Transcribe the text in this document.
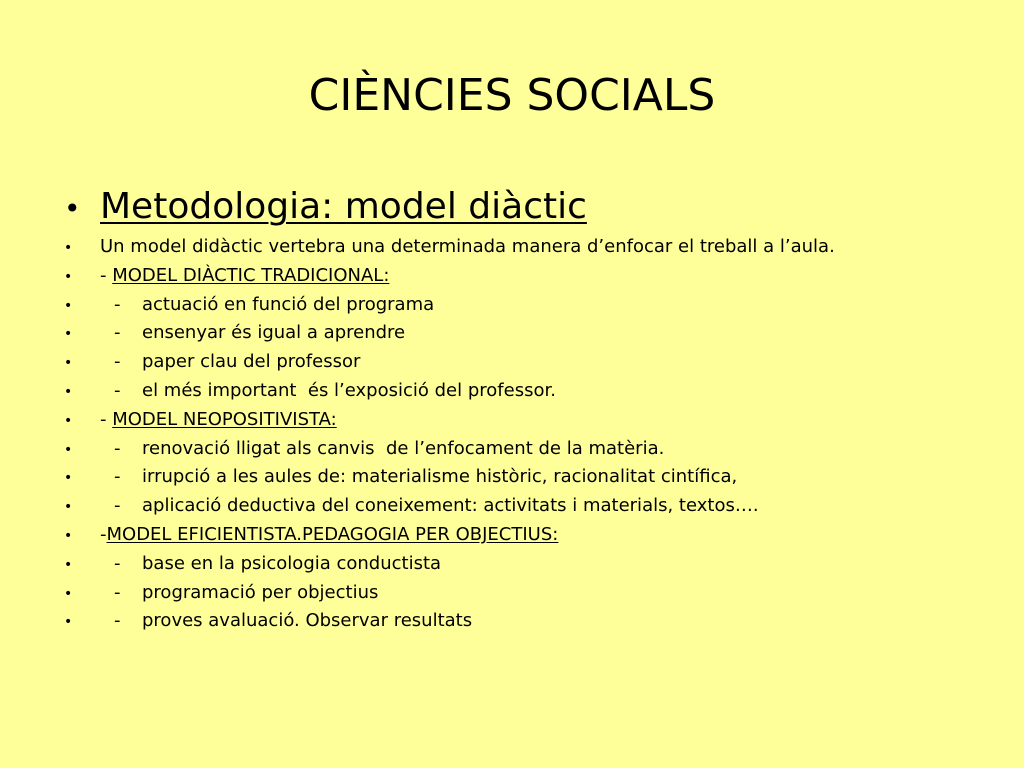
CIÈNCIES SOCIALS
• Metodologia: model diàctic
•	Un model didàctic vertebra una determinada manera d’enfocar el treball a l’aula.
•	- MODEL DIÀCTIC TRADICIONAL:
•	- actuació en funció del programa
•	- ensenyar és igual a aprendre
•	- paper clau del professor
•	- el més important  és l’exposició del professor.
•	- MODEL NEOPOSITIVISTA:
•	- renovació lligat als canvis  de l’enfocament de la matèria.
•	- irrupció a les aules de: materialisme històric, racionalitat cintífica,
•	- aplicació deductiva del coneixement: activitats i materials, textos….
•	- MODEL EFICIENTISTA.PEDAGOGIA PER OBJECTIUS:
•	- base en la psicologia conductista
•	- programació per objectius
•	- proves avaluació. Observar resultats
